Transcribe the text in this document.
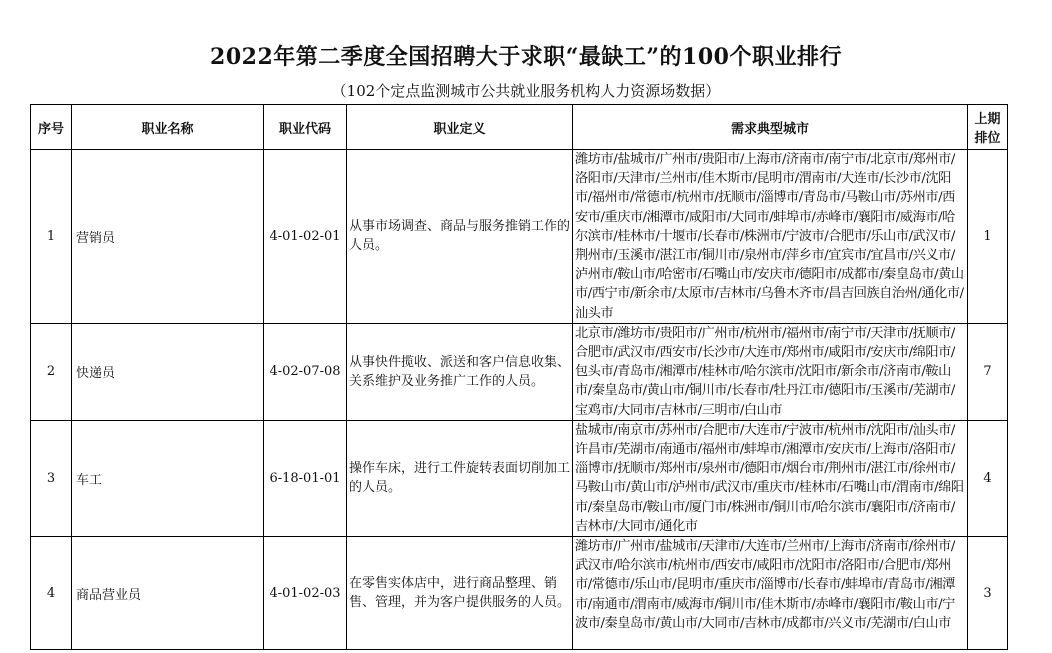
2022年第二季度全国招聘大于求职“最缺工”的100个职业排行
（102个定点监测城市公共就业服务机构人力资源场数据）
序号	职业名称	职业代码	职业定义	需求典型城市	上期
排位

1	营销员	4-01-02-01	从事市场调查、商品与服务推销工作的人员。	潍坊市/盐城市/广州市/贵阳市/上海市/济南市/南宁市/北京市/郑州市/洛阳市/天津市/兰州市/佳木斯市/昆明市/渭南市/大连市/长沙市/沈阳市/福州市/常德市/杭州市/抚顺市/淄博市/青岛市/马鞍山市/苏州市/西安市/重庆市/湘潭市/咸阳市/大同市/蚌埠市/赤峰市/襄阳市/威海市/哈尔滨市/桂林市/十堰市/长春市/株洲市/宁波市/合肥市/乐山市/武汉市/荆州市/玉溪市/湛江市/铜川市/泉州市/萍乡市/宜宾市/宜昌市/兴义市/泸州市/鞍山市/哈密市/石嘴山市/安庆市/德阳市/成都市/秦皇岛市/黄山市/西宁市/新余市/太原市/吉林市/乌鲁木齐市/昌吉回族自治州/通化市/汕头市	1
2	快递员	4-02-07-08	从事快件揽收、派送和客户信息收集、关系维护及业务推广工作的人员。	北京市/潍坊市/贵阳市/广州市/杭州市/福州市/南宁市/天津市/抚顺市/合肥市/武汉市/西安市/长沙市/大连市/郑州市/咸阳市/安庆市/绵阳市/包头市/青岛市/湘潭市/桂林市/哈尔滨市/沈阳市/新余市/济南市/鞍山市/秦皇岛市/黄山市/铜川市/长春市/牡丹江市/德阳市/玉溪市/芜湖市/宝鸡市/大同市/吉林市/三明市/白山市	7
3	车工	6-18-01-01	操作车床，进行工件旋转表面切削加工的人员。	盐城市/南京市/苏州市/合肥市/大连市/宁波市/杭州市/沈阳市/汕头市/许昌市/芜湖市/南通市/福州市/蚌埠市/湘潭市/安庆市/上海市/洛阳市/淄博市/抚顺市/郑州市/泉州市/德阳市/烟台市/荆州市/湛江市/徐州市/马鞍山市/黄山市/泸州市/武汉市/重庆市/桂林市/石嘴山市/渭南市/绵阳市/秦皇岛市/鞍山市/厦门市/株洲市/铜川市/哈尔滨市/襄阳市/济南市/吉林市/大同市/通化市	4
4	商品营业员	4-01-02-03	在零售实体店中，进行商品整理、销售、管理，并为客户提供服务的人员。	潍坊市/广州市/盐城市/天津市/大连市/兰州市/上海市/济南市/徐州市/武汉市/哈尔滨市/杭州市/西安市/咸阳市/沈阳市/洛阳市/合肥市/郑州市/常德市/乐山市/昆明市/重庆市/淄博市/长春市/蚌埠市/青岛市/湘潭市/南通市/渭南市/威海市/铜川市/佳木斯市/赤峰市/襄阳市/鞍山市/宁波市/秦皇岛市/黄山市/大同市/吉林市/成都市/兴义市/芜湖市/白山市	3
